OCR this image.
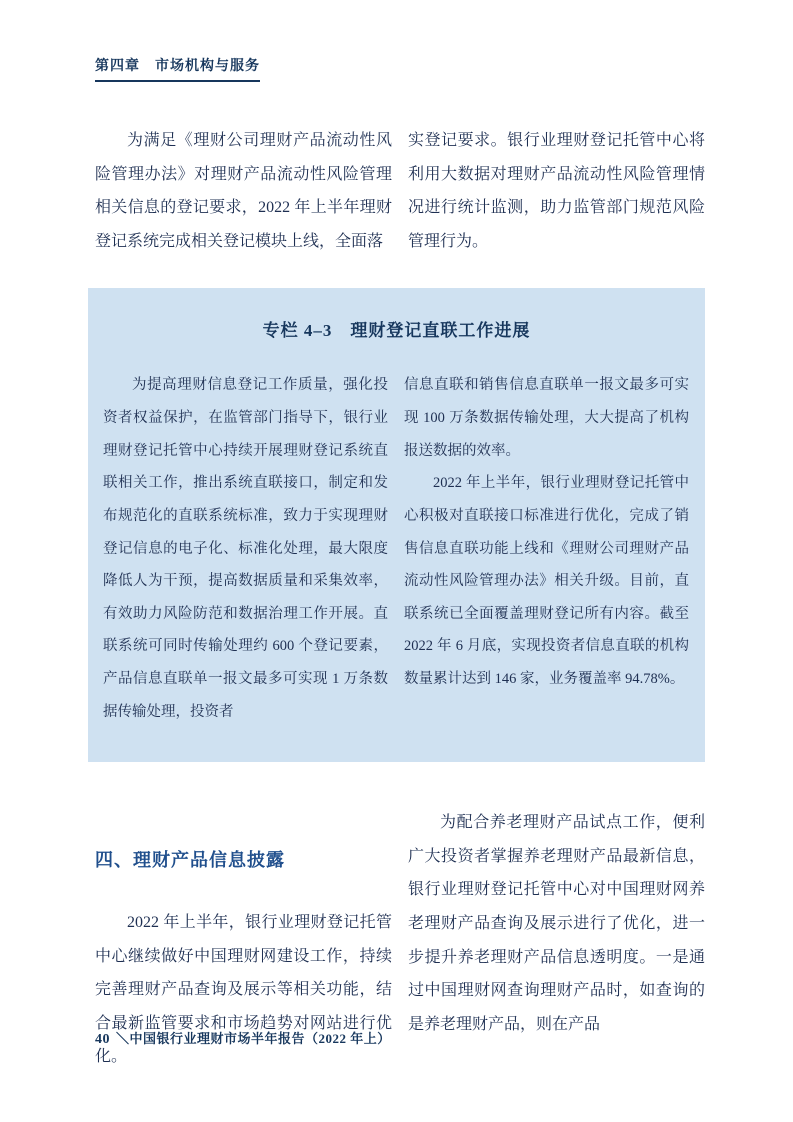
第四章　市场机构与服务

为满足《理财公司理财产品流动性风险管理办法》对理财产品流动性风险管理相关信息的登记要求，2022 年上半年理财登记系统完成相关登记模块上线，全面落

实登记要求。银行业理财登记托管中心将利用大数据对理财产品流动性风险管理情况进行统计监测，助力监管部门规范风险管理行为。

专栏 4–3　理财登记直联工作进展

为提高理财信息登记工作质量，强化投资者权益保护，在监管部门指导下，银行业理财登记托管中心持续开展理财登记系统直联相关工作，推出系统直联接口，制定和发布规范化的直联系统标准，致力于实现理财登记信息的电子化、标准化处理，最大限度降低人为干预，提高数据质量和采集效率，有效助力风险防范和数据治理工作开展。直联系统可同时传输处理约 600 个登记要素，产品信息直联单一报文最多可实现 1 万条数据传输处理，投资者

信息直联和销售信息直联单一报文最多可实现 100 万条数据传输处理，大大提高了机构报送数据的效率。

2022 年上半年，银行业理财登记托管中心积极对直联接口标准进行优化，完成了销售信息直联功能上线和《理财公司理财产品流动性风险管理办法》相关升级。目前，直联系统已全面覆盖理财登记所有内容。截至 2022 年 6 月底，实现投资者信息直联的机构数量累计达到 146 家，业务覆盖率 94.78%。

四、理财产品信息披露

2022 年上半年，银行业理财登记托管中心继续做好中国理财网建设工作，持续完善理财产品查询及展示等相关功能，结合最新监管要求和市场趋势对网站进行优化。

为配合养老理财产品试点工作，便利广大投资者掌握养老理财产品最新信息，银行业理财登记托管中心对中国理财网养老理财产品查询及展示进行了优化，进一步提升养老理财产品信息透明度。一是通过中国理财网查询理财产品时，如查询的是养老理财产品，则在产品

40 ＼中国银行业理财市场半年报告（2022 年上）
